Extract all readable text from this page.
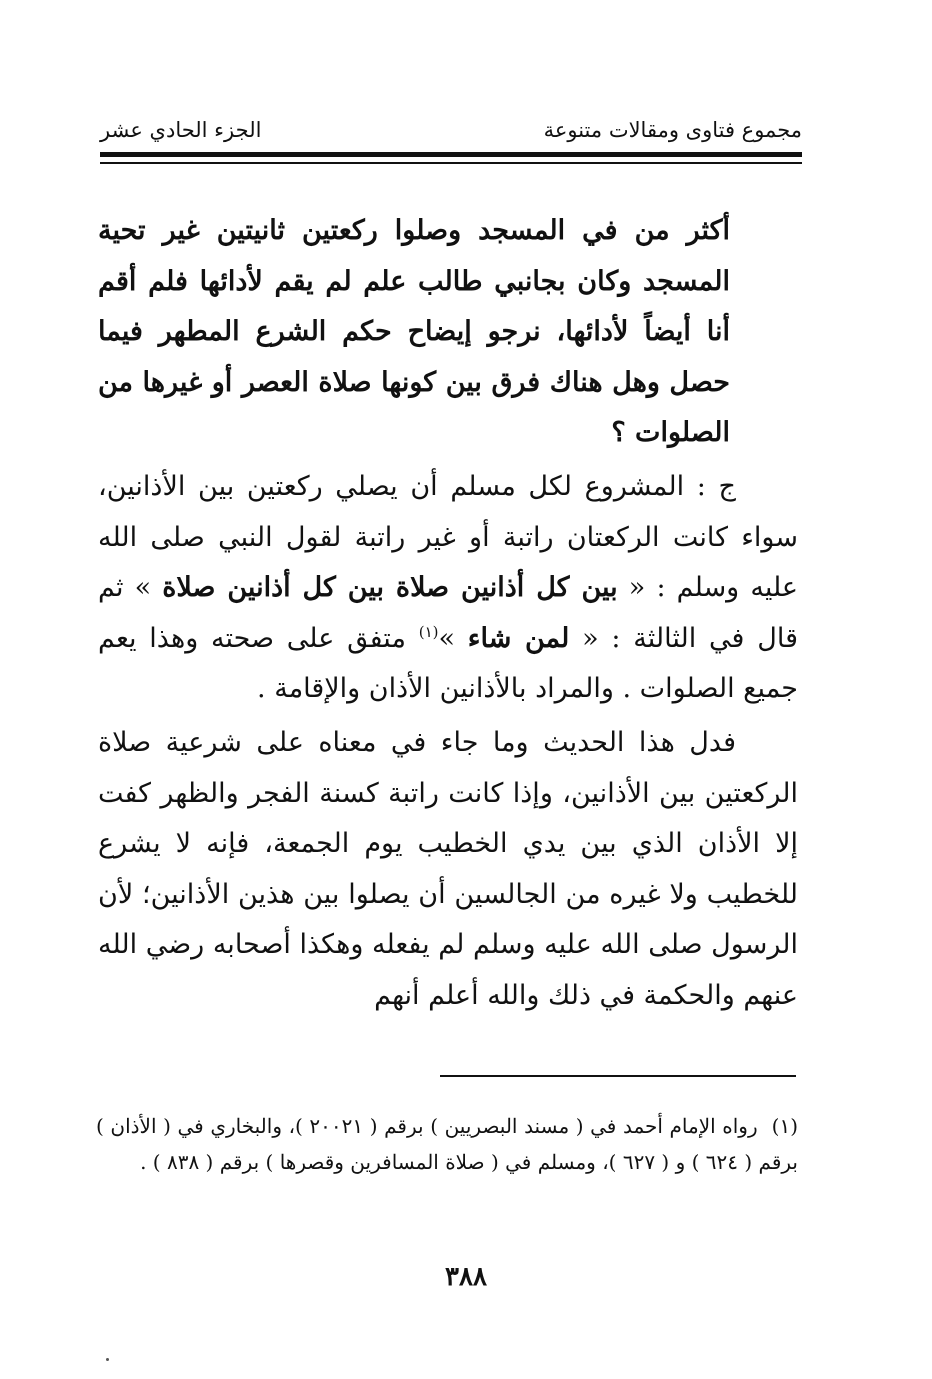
مجموع فتاوى ومقالات متنوعة
الجزء الحادي عشر

أكثر من في المسجد وصلوا ركعتين ثانيتين غير تحية المسجد وكان بجانبي طالب علم لم يقم لأدائها فلم أقم أنا أيضاً لأدائها، نرجو إيضاح حكم الشرع المطهر فيما حصل وهل هناك فرق بين كونها صلاة العصر أو غيرها من الصلوات ؟

ج : المشروع لكل مسلم أن يصلي ركعتين بين الأذانين، سواء كانت الركعتان راتبة أو غير راتبة لقول النبي صلى الله عليه وسلم : « بين كل أذانين صلاة بين كل أذانين صلاة » ثم قال في الثالثة : « لمن شاء »$^{(١)}$ متفق على صحته وهذا يعم جميع الصلوات . والمراد بالأذانين الأذان والإقامة .

فدل هذا الحديث وما جاء في معناه على شرعية صلاة الركعتين بين الأذانين، وإذا كانت راتبة كسنة الفجر والظهر كفت إلا الأذان الذي بين يدي الخطيب يوم الجمعة، فإنه لا يشرع للخطيب ولا غيره من الجالسين أن يصلوا بين هذين الأذانين؛ لأن الرسول صلى الله عليه وسلم لم يفعله وهكذا أصحابه رضي الله عنهم والحكمة في ذلك والله أعلم أنهم

(١)رواه الإمام أحمد في ( مسند البصريين ) برقم ( ٢٠٠٢١ )، والبخاري في ( الأذان ) برقم ( ٦٢٤ ) و ( ٦٢٧ )، ومسلم في ( صلاة المسافرين وقصرها ) برقم ( ٨٣٨ ) .

٣٨٨
